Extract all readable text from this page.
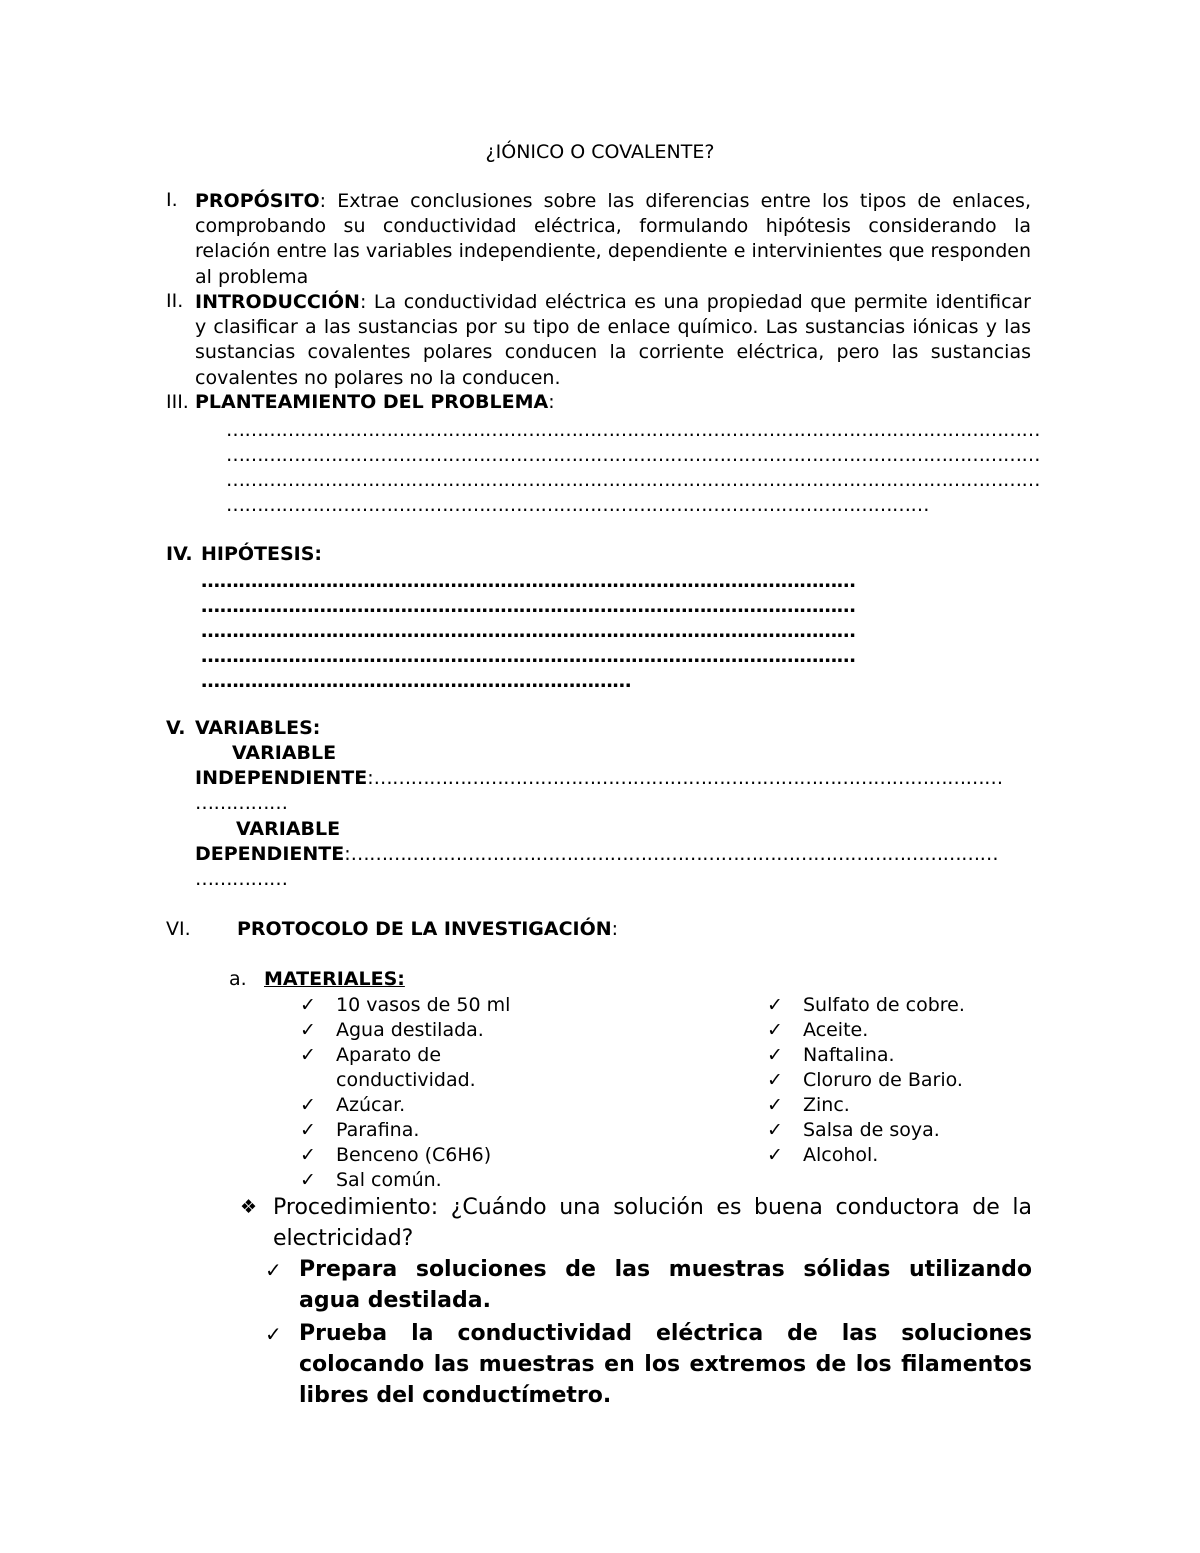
¿IÓNICO O COVALENTE?
I. PROPÓSITO: Extrae conclusiones sobre las diferencias entre los tipos de enlaces, comprobando su conductividad eléctrica, formulando hipótesis considerando la relación entre las variables independiente, dependiente e intervinientes que responden al problema
II. INTRODUCCIÓN: La conductividad eléctrica es una propiedad que permite identificar y clasificar a las sustancias por su tipo de enlace químico. Las sustancias iónicas y las sustancias covalentes polares conducen la corriente eléctrica, pero las sustancias covalentes no polares no la conducen.
III. PLANTEAMIENTO DEL PROBLEMA:
……………………………………………………………………………………………………………………
……………………………………………………………………………………………………………………
……………………………………………………………………………………………………………………
……………………………………………………………………………………………………
IV. HIPÓTESIS:
……………………………………………………………………………………………
……………………………………………………………………………………………
……………………………………………………………………………………………
……………………………………………………………………………………………
……………………………………………………………
V. VARIABLES:
VARIABLE
INDEPENDIENTE:…………………………………………………………………………………………
……………
VARIABLE
DEPENDIENTE:……………………………………………………………………………………………
……………
VI. PROTOCOLO DE LA INVESTIGACIÓN:
a. MATERIALES:
✓ 10 vasos de 50 ml
✓ Agua destilada.
✓ Aparato de
conductividad.
✓ Azúcar.
✓ Parafina.
✓ Benceno (C6H6)
✓ Sal común.
✓ Sulfato de cobre.
✓ Aceite.
✓ Naftalina.
✓ Cloruro de Bario.
✓ Zinc.
✓ Salsa de soya.
✓ Alcohol.
❖ Procedimiento: ¿Cuándo una solución es buena conductora de la electricidad?
✓ Prepara soluciones de las muestras sólidas utilizando agua destilada.
✓ Prueba la conductividad eléctrica de las soluciones colocando las muestras en los extremos de los filamentos libres del conductímetro.
